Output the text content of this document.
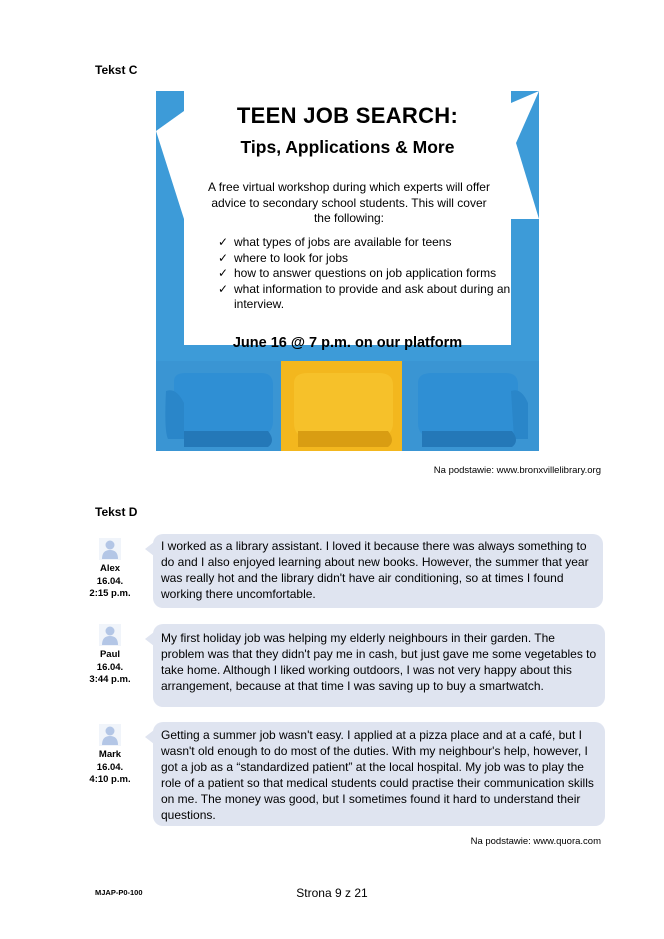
Tekst C
TEEN JOB SEARCH:
Tips, Applications & More
A free virtual workshop during which experts will offer advice to secondary school students. This will cover the following:
✓ what types of jobs are available for teens
✓ where to look for jobs
✓ how to answer questions on job application forms
✓ what information to provide and ask about during an interview.
June 16 @ 7 p.m. on our platform
Na podstawie: www.bronxvillelibrary.org
Tekst D
Alex
16.04.
2:15 p.m.
I worked as a library assistant. I loved it because there was always something to do and I also enjoyed learning about new books. However, the summer that year was really hot and the library didn't have air conditioning, so at times I found working there uncomfortable.
Paul
16.04.
3:44 p.m.
My first holiday job was helping my elderly neighbours in their garden. The problem was that they didn't pay me in cash, but just gave me some vegetables to take home. Although I liked working outdoors, I was not very happy about this arrangement, because at that time I was saving up to buy a smartwatch.
Mark
16.04.
4:10 p.m.
Getting a summer job wasn't easy. I applied at a pizza place and at a café, but I wasn't old enough to do most of the duties. With my neighbour's help, however, I got a job as a “standardized patient” at the local hospital. My job was to play the role of a patient so that medical students could practise their communication skills on me. The money was good, but I sometimes found it hard to understand their questions.
Na podstawie: www.quora.com
MJAP-P0-100	Strona 9 z 21
